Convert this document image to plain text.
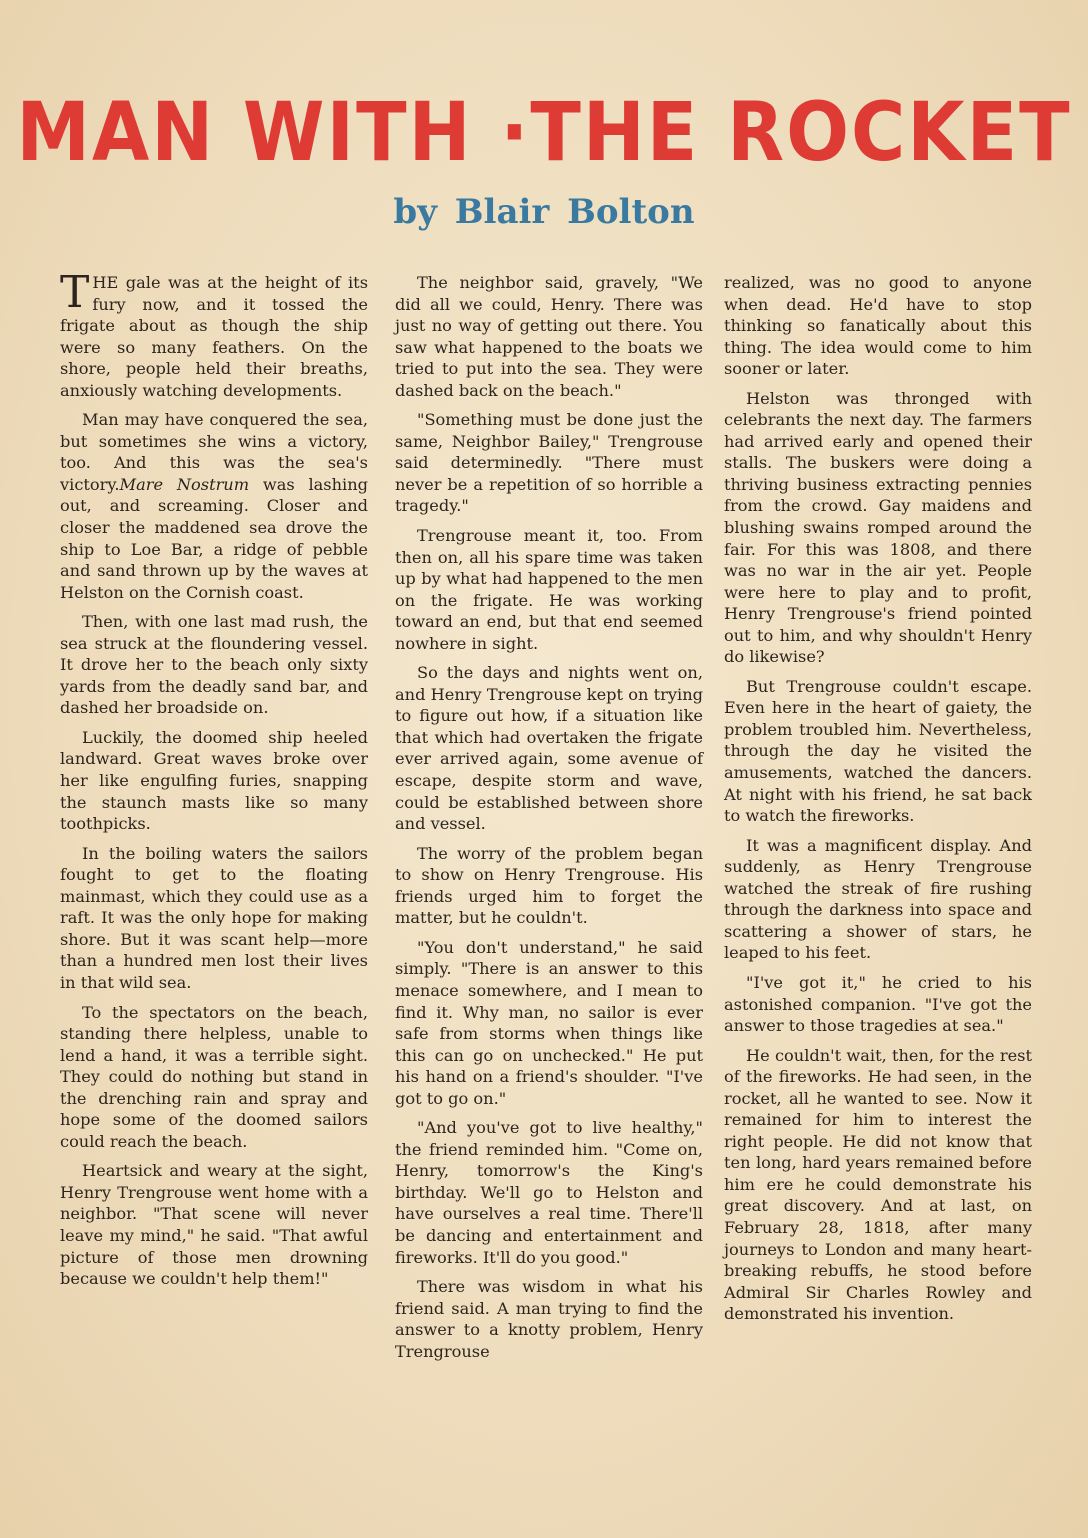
MAN WITH ·THE ROCKET
by Blair Bolton

THE gale was at the height of its fury now, and it tossed the frigate about as though the ship were so many feathers. On the shore, people held their breaths, anxiously watching developments.

Man may have conquered the sea, but sometimes she wins a victory, too. And this was the sea's victory.Mare Nostrum was lashing out, and screaming. Closer and closer the maddened sea drove the ship to Loe Bar, a ridge of pebble and sand thrown up by the waves at Helston on the Cornish coast.

Then, with one last mad rush, the sea struck at the floundering vessel. It drove her to the beach only sixty yards from the deadly sand bar, and dashed her broadside on.

Luckily, the doomed ship heeled landward. Great waves broke over her like engulfing furies, snapping the staunch masts like so many toothpicks.

In the boiling waters the sailors fought to get to the floating mainmast, which they could use as a raft. It was the only hope for making shore. But it was scant help—more than a hundred men lost their lives in that wild sea.

To the spectators on the beach, standing there helpless, unable to lend a hand, it was a terrible sight. They could do nothing but stand in the drenching rain and spray and hope some of the doomed sailors could reach the beach.

Heartsick and weary at the sight, Henry Trengrouse went home with a neighbor. "That scene will never leave my mind," he said. "That awful picture of those men drowning because we couldn't help them!"

The neighbor said, gravely, "We did all we could, Henry. There was just no way of getting out there. You saw what happened to the boats we tried to put into the sea. They were dashed back on the beach."

"Something must be done just the same, Neighbor Bailey," Trengrouse said determinedly. "There must never be a repetition of so horrible a tragedy."

Trengrouse meant it, too. From then on, all his spare time was taken up by what had happened to the men on the frigate. He was working toward an end, but that end seemed nowhere in sight.

So the days and nights went on, and Henry Trengrouse kept on trying to figure out how, if a situation like that which had overtaken the frigate ever arrived again, some avenue of escape, despite storm and wave, could be established between shore and vessel.

The worry of the problem began to show on Henry Trengrouse. His friends urged him to forget the matter, but he couldn't.

"You don't understand," he said simply. "There is an answer to this menace somewhere, and I mean to find it. Why man, no sailor is ever safe from storms when things like this can go on unchecked." He put his hand on a friend's shoulder. "I've got to go on."

"And you've got to live healthy," the friend reminded him. "Come on, Henry, tomorrow's the King's birthday. We'll go to Helston and have ourselves a real time. There'll be dancing and entertainment and fireworks. It'll do you good."

There was wisdom in what his friend said. A man trying to find the answer to a knotty problem, Henry Trengrouse

realized, was no good to anyone when dead. He'd have to stop thinking so fanatically about this thing. The idea would come to him sooner or later.

Helston was thronged with celebrants the next day. The farmers had arrived early and opened their stalls. The buskers were doing a thriving business extracting pennies from the crowd. Gay maidens and blushing swains romped around the fair. For this was 1808, and there was no war in the air yet. People were here to play and to profit, Henry Trengrouse's friend pointed out to him, and why shouldn't Henry do likewise?

But Trengrouse couldn't escape. Even here in the heart of gaiety, the problem troubled him. Nevertheless, through the day he visited the amusements, watched the dancers. At night with his friend, he sat back to watch the fireworks.

It was a magnificent display. And suddenly, as Henry Trengrouse watched the streak of fire rushing through the darkness into space and scattering a shower of stars, he leaped to his feet.

"I've got it," he cried to his astonished companion. "I've got the answer to those tragedies at sea."

He couldn't wait, then, for the rest of the fireworks. He had seen, in the rocket, all he wanted to see. Now it remained for him to interest the right people. He did not know that ten long, hard years remained before him ere he could demonstrate his great discovery. And at last, on February 28, 1818, after many journeys to London and many heart-breaking rebuffs, he stood before Admiral Sir Charles Rowley and demonstrated his invention.
